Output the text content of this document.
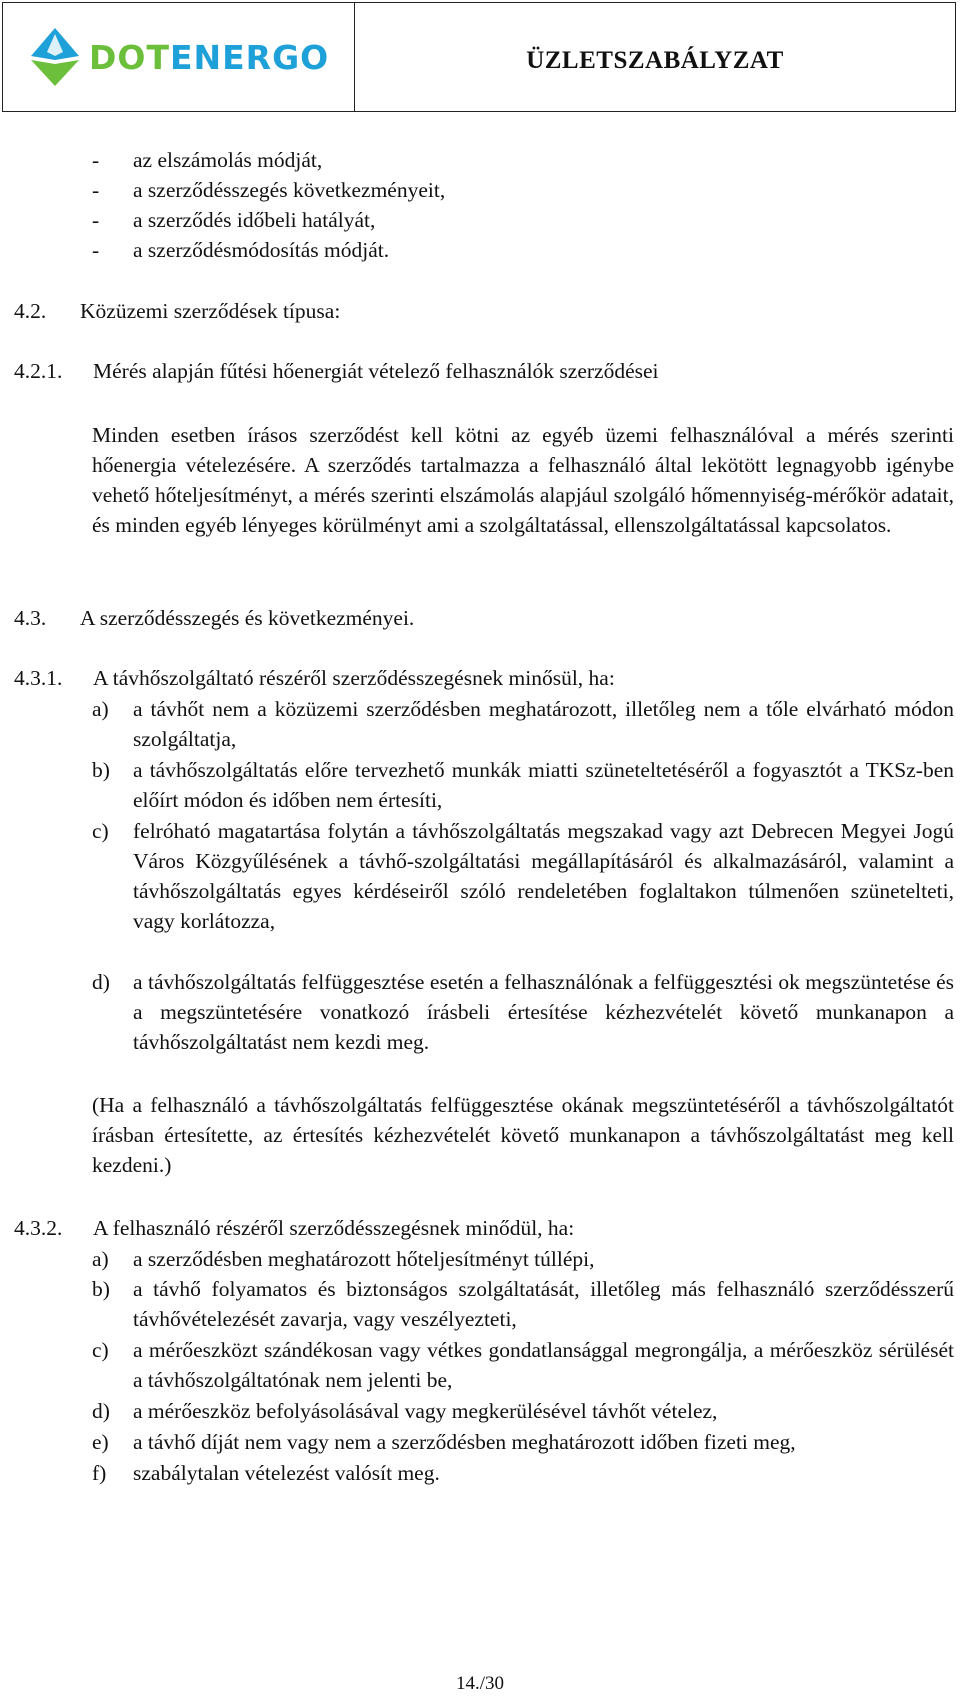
DOTENERGO	ÜZLETSZABÁLYZAT
- az elszámolás módját,
- a szerződésszegés következményeit,
- a szerződés időbeli hatályát,
- a szerződésmódosítás módját.
4.2. Közüzemi szerződések típusa:
4.2.1. Mérés alapján fűtési hőenergiát vételező felhasználók szerződései
Minden esetben írásos szerződést kell kötni az egyéb üzemi felhasználóval a mérés szerinti hőenergia vételezésére. A szerződés tartalmazza a felhasználó által lekötött legnagyobb igénybe vehető hőteljesítményt, a mérés szerinti elszámolás alapjául szolgáló hőmennyiség-mérőkör adatait, és minden egyéb lényeges körülményt ami a szolgáltatással, ellenszolgáltatással kapcsolatos.
4.3. A szerződésszegés és következményei.
4.3.1. A távhőszolgáltató részéről szerződésszegésnek minősül, ha:
a) a távhőt nem a közüzemi szerződésben meghatározott, illetőleg nem a tőle elvárható módon szolgáltatja,
b) a távhőszolgáltatás előre tervezhető munkák miatti szüneteltetéséről a fogyasztót a TKSz-ben előírt módon és időben nem értesíti,
c) felróható magatartása folytán a távhőszolgáltatás megszakad vagy azt Debrecen Megyei Jogú Város Közgyűlésének a távhő-szolgáltatási megállapításáról és alkalmazásáról, valamint a távhőszolgáltatás egyes kérdéseiről szóló rendeletében foglaltakon túlmenően szünetelteti, vagy korlátozza,
d) a távhőszolgáltatás felfüggesztése esetén a felhasználónak a felfüggesztési ok megszüntetése és a megszüntetésére vonatkozó írásbeli értesítése kézhezvételét követő munkanapon a távhőszolgáltatást nem kezdi meg.
(Ha a felhasználó a távhőszolgáltatás felfüggesztése okának megszüntetéséről a távhőszolgáltatót írásban értesítette, az értesítés kézhezvételét követő munkanapon a távhőszolgáltatást meg kell kezdeni.)
4.3.2. A felhasználó részéről szerződésszegésnek minődül, ha:
a) a szerződésben meghatározott hőteljesítményt túllépi,
b) a távhő folyamatos és biztonságos szolgáltatását, illetőleg más felhasználó szerződésszerű távhővételezését zavarja, vagy veszélyezteti,
c) a mérőeszközt szándékosan vagy vétkes gondatlansággal megrongálja, a mérőeszköz sérülését a távhőszolgáltatónak nem jelenti be,
d) a mérőeszköz befolyásolásával vagy megkerülésével távhőt vételez,
e) a távhő díját nem vagy nem a szerződésben meghatározott időben fizeti meg,
f) szabálytalan vételezést valósít meg.
14./30
